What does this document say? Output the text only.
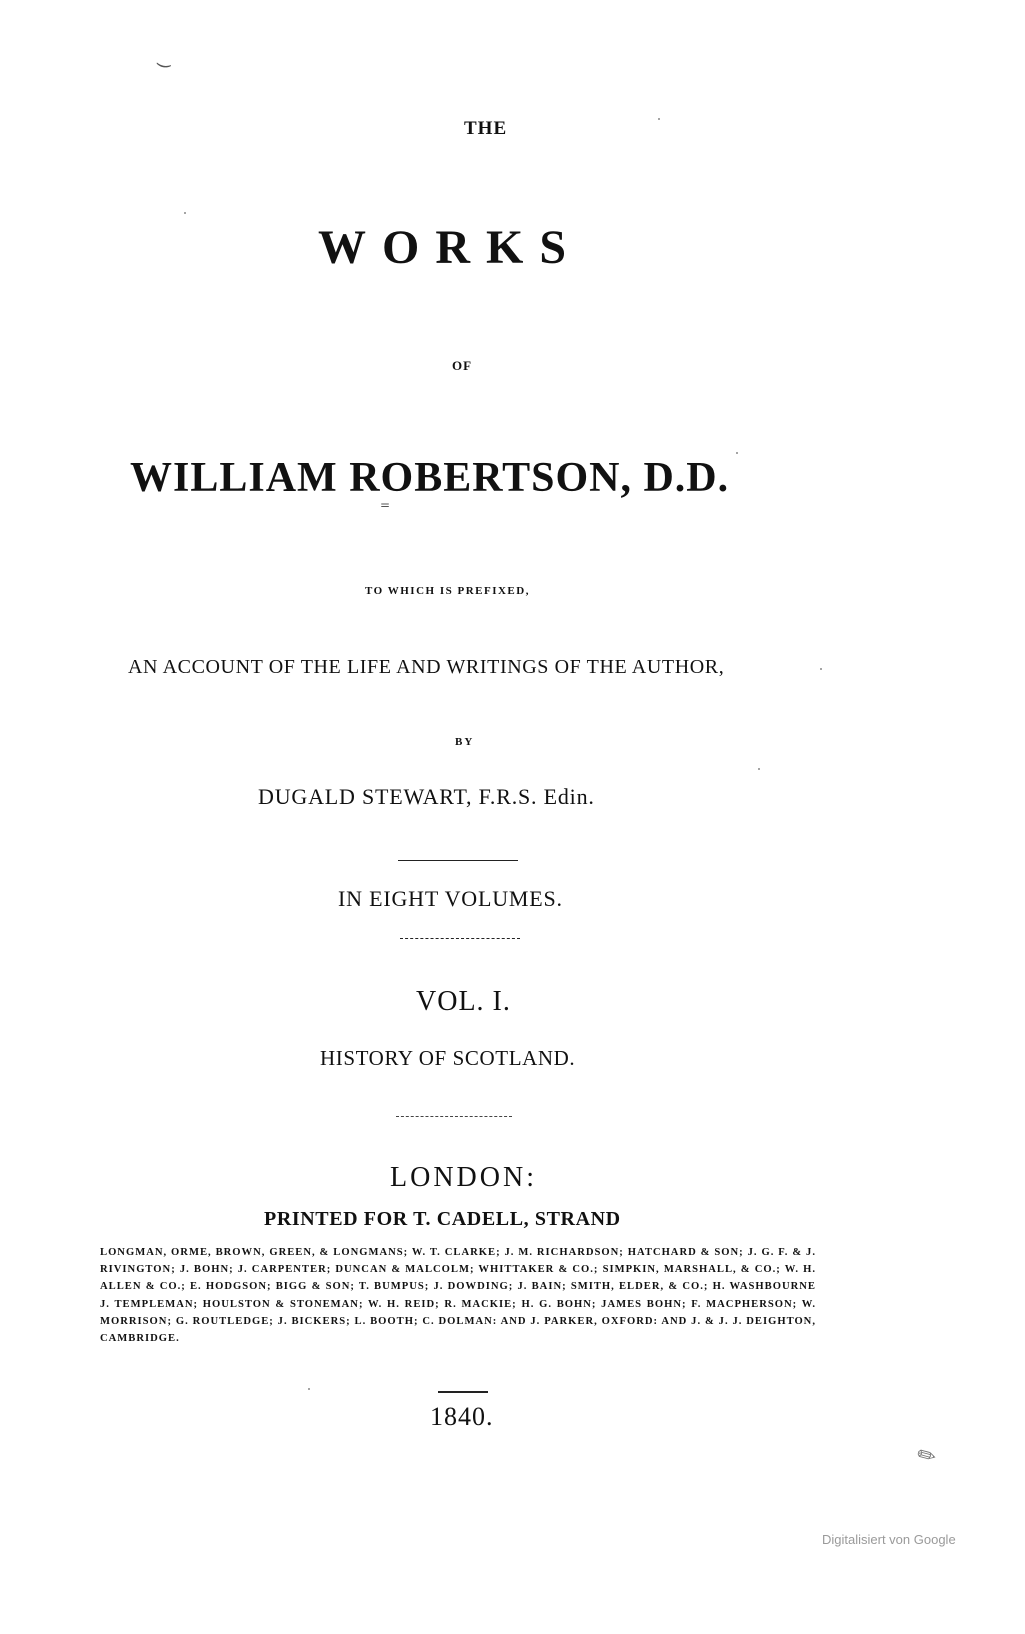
THE
WORKS
OF
WILLIAM ROBERTSON, D.D.
TO WHICH IS PREFIXED,
AN ACCOUNT OF THE LIFE AND WRITINGS OF THE AUTHOR,
BY
DUGALD STEWART, F.R.S. Edin.
IN EIGHT VOLUMES.
VOL. I.
HISTORY OF SCOTLAND.
LONDON:
PRINTED FOR T. CADELL, STRAND
LONGMAN, ORME, BROWN, GREEN, & LONGMANS; W. T. CLARKE; J. M. RICHARDSON; HATCHARD & SON; J. G. F. & J. RIVINGTON; J. BOHN; J. CARPENTER; DUNCAN & MALCOLM; WHITTAKER & CO.; SIMPKIN, MARSHALL, & CO.; W. H. ALLEN & CO.; E. HODGSON; BIGG & SON; T. BUMPUS; J. DOWDING; J. BAIN; SMITH, ELDER, & CO.; H. WASHBOURNE J. TEMPLEMAN; HOULSTON & STONEMAN; W. H. REID; R. MACKIE; H. G. BOHN; JAMES BOHN; F. MACPHERSON; W. MORRISON; G. ROUTLEDGE; J. BICKERS; L. BOOTH; C. DOLMAN: AND J. PARKER, OXFORD: AND J. & J. J. DEIGHTON, CAMBRIDGE.
1840.
(
=
✎
Digitalisiert von Google
